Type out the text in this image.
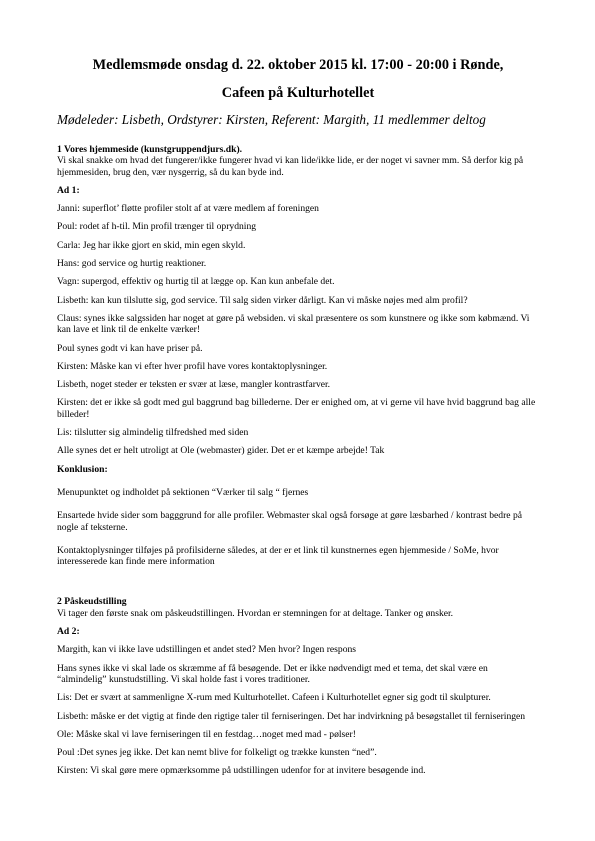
Medlemsmøde onsdag d. 22. oktober 2015 kl. 17:00 - 20:00 i Rønde,
Cafeen på Kulturhotellet

Mødeleder: Lisbeth, Ordstyrer: Kirsten, Referent: Margith, 11 medlemmer deltog

1 Vores hjemmeside (kunstgruppendjurs.dk).

Vi skal snakke om hvad det fungerer/ikke fungerer hvad vi kan lide/ikke lide, er der noget vi savner mm. Så derfor kig på hjemmesiden, brug den, vær nysgerrig, så du kan byde ind.

Ad 1:

Janni: superflot’ fløtte profiler stolt af at være medlem af foreningen

Poul: rodet af h-til. Min profil trænger til oprydning

Carla: Jeg har ikke gjort en skid, min egen skyld.

Hans: god service og hurtig reaktioner.

Vagn: supergod, effektiv og hurtig til at lægge op. Kan kun anbefale det.

Lisbeth: kan kun tilslutte sig, god service. Til salg siden virker dårligt. Kan vi måske nøjes med alm profil?

Claus: synes ikke salgssiden har noget at gøre på websiden. vi skal præsentere os som kunstnere og ikke som købmænd. Vi kan lave et link til de enkelte værker!

Poul synes godt vi kan have priser på.

Kirsten: Måske kan vi efter hver profil have vores kontaktoplysninger.

Lisbeth, noget steder er teksten er svær at læse, mangler kontrastfarver.

Kirsten: det er ikke så godt med gul baggrund bag billederne. Der er enighed om, at vi gerne vil have hvid baggrund bag alle billeder!

Lis: tilslutter sig almindelig tilfredshed med siden

Alle synes det er helt utroligt at Ole (webmaster) gider. Det er et kæmpe arbejde! Tak

Konklusion:

Menupunktet og indholdet på sektionen “Værker til salg “ fjernes

Ensartede hvide sider som bagggrund for alle profiler. Webmaster skal også forsøge at gøre læsbarhed / kontrast bedre på nogle af teksterne.

Kontaktoplysninger tilføjes på profilsiderne således, at der er et link til kunstnernes egen hjemmeside / SoMe, hvor interesserede kan finde mere information

2 Påskeudstilling

Vi tager den første snak om påskeudstillingen. Hvordan er stemningen for at deltage. Tanker og ønsker.

Ad 2:

Margith, kan vi ikke lave udstillingen et andet sted? Men hvor? Ingen respons

Hans synes ikke vi skal lade os skræmme af få besøgende. Det er ikke nødvendigt med et tema, det skal være en “almindelig” kunstudstilling. Vi skal holde fast i vores traditioner.

Lis: Det er svært at sammenligne X-rum med Kulturhotellet. Cafeen i Kulturhotellet egner sig godt til skulpturer.

Lisbeth: måske er det vigtig at finde den rigtige taler til ferniseringen. Det har indvirkning på besøgstallet til ferniseringen

Ole: Måske skal vi lave ferniseringen til en festdag…noget med mad - pølser!

Poul :Det synes jeg ikke. Det kan nemt blive for folkeligt og trække kunsten “ned”.

Kirsten: Vi skal gøre mere opmærksomme på udstillingen udenfor for at invitere besøgende ind.
